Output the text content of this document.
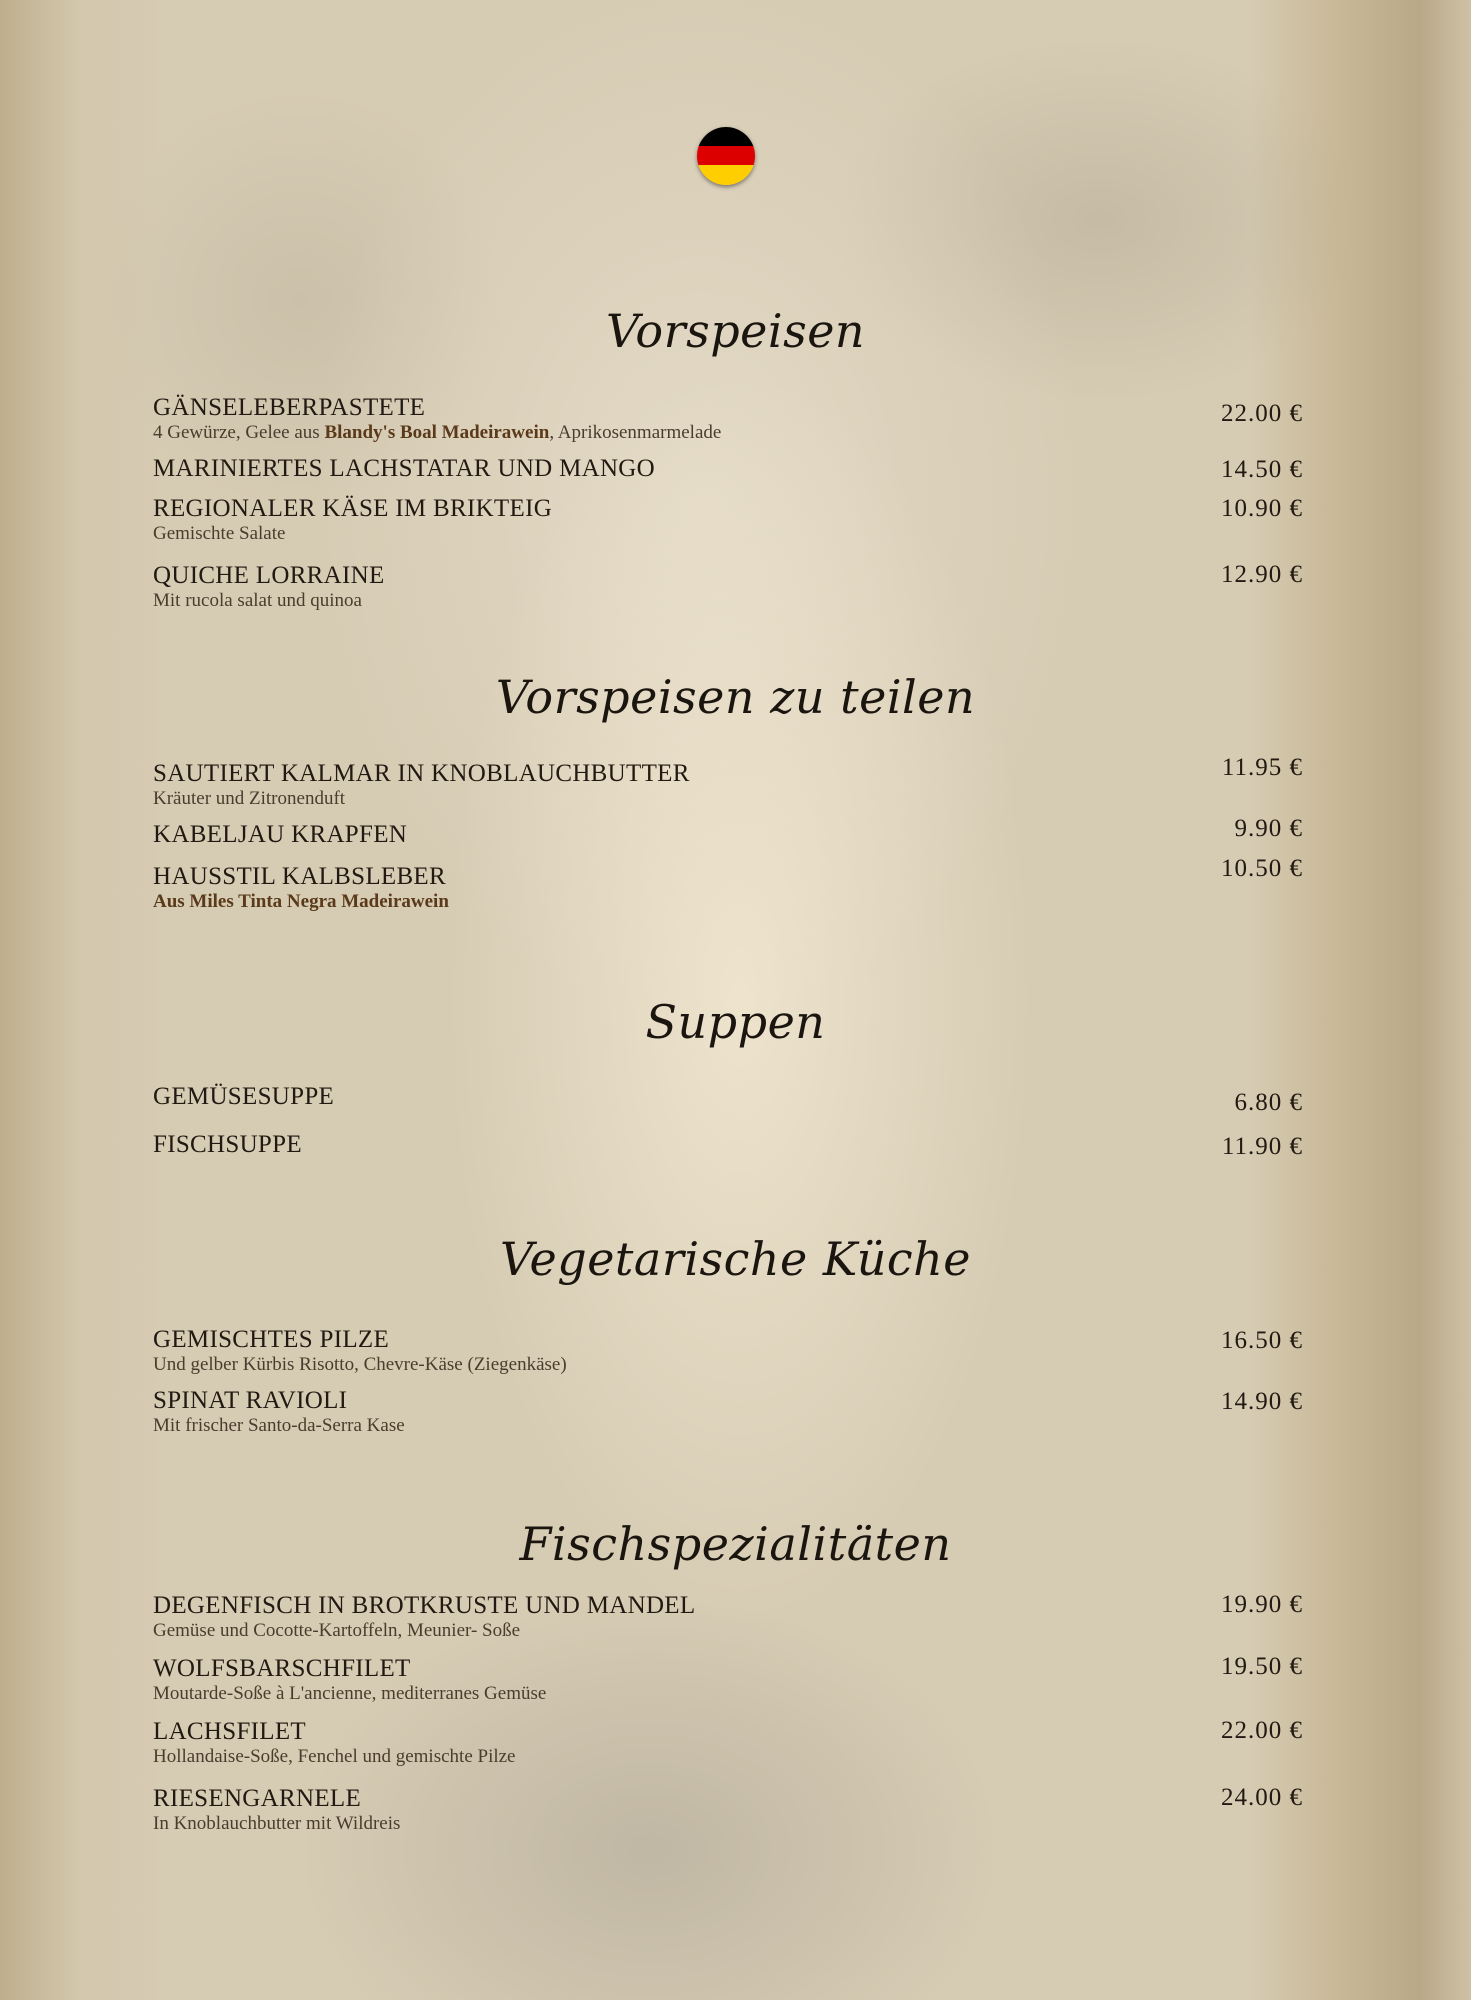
Vorspeisen
GÄNSELEBERPASTETE
4 Gewürze, Gelee aus Blandy's Boal Madeirawein, Aprikosenmarmelade
22.00 €
MARINIERTES LACHSTATAR UND MANGO	14.50 €
REGIONALER KÄSE IM BRIKTEIG
Gemischte Salate
10.90 €
QUICHE LORRAINE
Mit rucola salat und quinoa
12.90 €
Vorspeisen zu teilen
SAUTIERT KALMAR IN KNOBLAUCHBUTTER
Kräuter und Zitronenduft
11.95 €
KABELJAU KRAPFEN	9.90 €
HAUSSTIL KALBSLEBER
Aus Miles Tinta Negra Madeirawein
10.50 €
Suppen
GEMÜSESUPPE	6.80 €
FISCHSUPPE	11.90 €
Vegetarische Küche
GEMISCHTES PILZE
Und gelber Kürbis Risotto, Chevre-Käse (Ziegenkäse)
16.50 €
SPINAT RAVIOLI
Mit frischer Santo-da-Serra Kase
14.90 €
Fischspezialitäten
DEGENFISCH IN BROTKRUSTE UND MANDEL
Gemüse und Cocotte-Kartoffeln, Meunier- Soße
19.90 €
WOLFSBARSCHFILET
Moutarde-Soße à L'ancienne, mediterranes Gemüse
19.50 €
LACHSFILET
Hollandaise-Soße, Fenchel und gemischte Pilze
22.00 €
RIESENGARNELE
In Knoblauchbutter mit Wildreis
24.00 €
